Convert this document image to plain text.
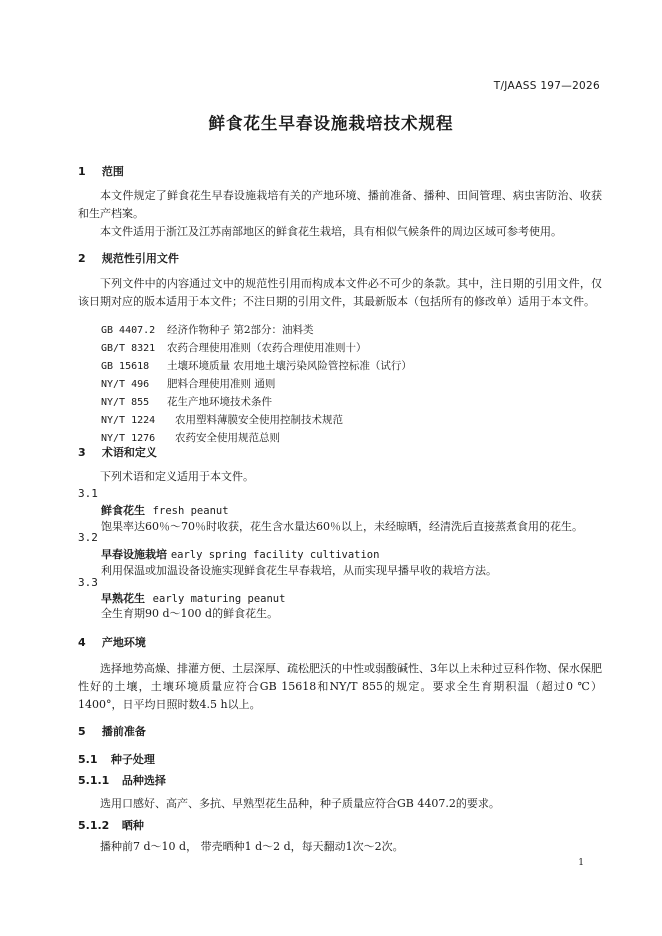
T/JAASS 197—2026
鲜食花生早春设施栽培技术规程
1 范围

本文件规定了鲜食花生早春设施栽培有关的产地环境、播前准备、播种、田间管理、病虫害防治、收获和生产档案。

本文件适用于浙江及江苏南部地区的鲜食花生栽培，具有相似气候条件的周边区域可参考使用。

2 规范性引用文件

下列文件中的内容通过文中的规范性引用而构成本文件必不可少的条款。其中，注日期的引用文件，仅该日期对应的版本适用于本文件；不注日期的引用文件，其最新版本（包括所有的修改单）适用于本文件。

GB 4407.2 经济作物种子 第2部分：油料类
GB/T 8321 农药合理使用准则（农药合理使用准则十）
GB 15618 土壤环境质量 农用地土壤污染风险管控标准（试行）
NY/T 496 肥料合理使用准则 通则
NY/T 855 花生产地环境技术条件
NY/T 1224 农用塑料薄膜安全使用控制技术规范
NY/T 1276 农药安全使用规范总则
3 术语和定义

下列术语和定义适用于本文件。

3.1
鲜食花生 fresh peanut
饱果率达60％～70％时收获，花生含水量达60％以上，未经晾晒，经清洗后直接蒸煮食用的花生。
3.2
早春设施栽培 early spring facility cultivation
利用保温或加温设备设施实现鲜食花生早春栽培，从而实现早播早收的栽培方法。
3.3
早熟花生 early maturing peanut
全生育期90 d～100 d的鲜食花生。
4 产地环境

选择地势高燥、排灌方便、土层深厚、疏松肥沃的中性或弱酸碱性、3年以上未种过豆科作物、保水保肥性好的土壤，土壤环境质量应符合GB 15618和NY/T 855的规定。要求全生育期积温（超过0 ℃）1400°，日平均日照时数4.5 h以上。

5 播前准备
5.1 种子处理
5.1.1 品种选择

选用口感好、高产、多抗、早熟型花生品种，种子质量应符合GB 4407.2的要求。

5.1.2 晒种

播种前7 d～10 d， 带壳晒种1 d～2 d，每天翻动1次～2次。

1
